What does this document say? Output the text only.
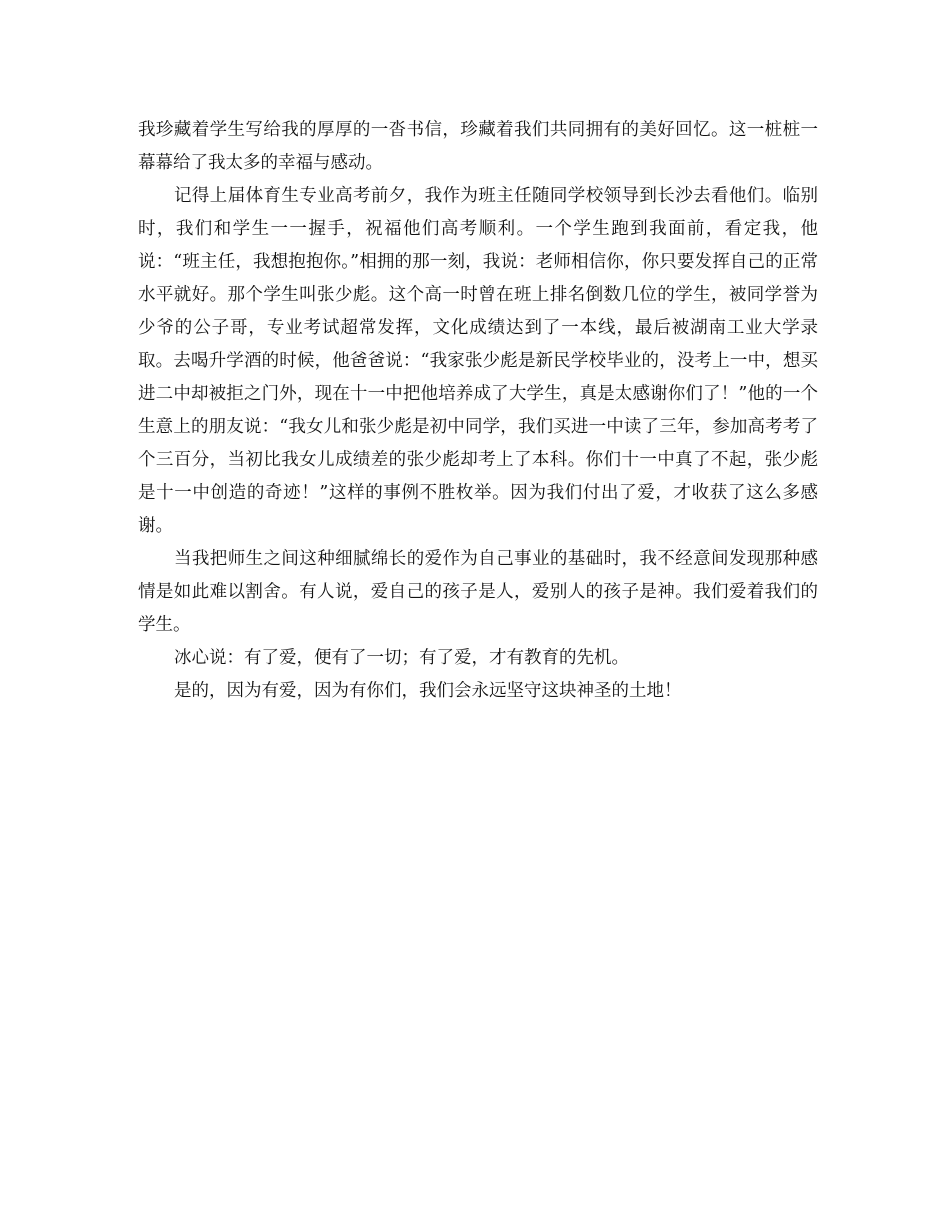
我珍藏着学生写给我的厚厚的一沓书信，珍藏着我们共同拥有的美好回忆。这一桩桩一幕幕给了我太多的幸福与感动。

记得上届体育生专业高考前夕，我作为班主任随同学校领导到长沙去看他们。临别时，我们和学生一一握手，祝福他们高考顺利。一个学生跑到我面前，看定我，他说：“班主任，我想抱抱你。”相拥的那一刻，我说：老师相信你，你只要发挥自己的正常水平就好。那个学生叫张少彪。这个高一时曾在班上排名倒数几位的学生，被同学誉为少爷的公子哥，专业考试超常发挥，文化成绩达到了一本线，最后被湖南工业大学录取。去喝升学酒的时候，他爸爸说：“我家张少彪是新民学校毕业的，没考上一中，想买进二中却被拒之门外，现在十一中把他培养成了大学生，真是太感谢你们了！”他的一个生意上的朋友说：“我女儿和张少彪是初中同学，我们买进一中读了三年，参加高考考了个三百分，当初比我女儿成绩差的张少彪却考上了本科。你们十一中真了不起，张少彪是十一中创造的奇迹！”这样的事例不胜枚举。因为我们付出了爱，才收获了这么多感谢。

当我把师生之间这种细腻绵长的爱作为自己事业的基础时，我不经意间发现那种感情是如此难以割舍。有人说，爱自己的孩子是人，爱别人的孩子是神。我们爱着我们的学生。

冰心说：有了爱，便有了一切；有了爱，才有教育的先机。

是的，因为有爱，因为有你们，我们会永远坚守这块神圣的土地！
